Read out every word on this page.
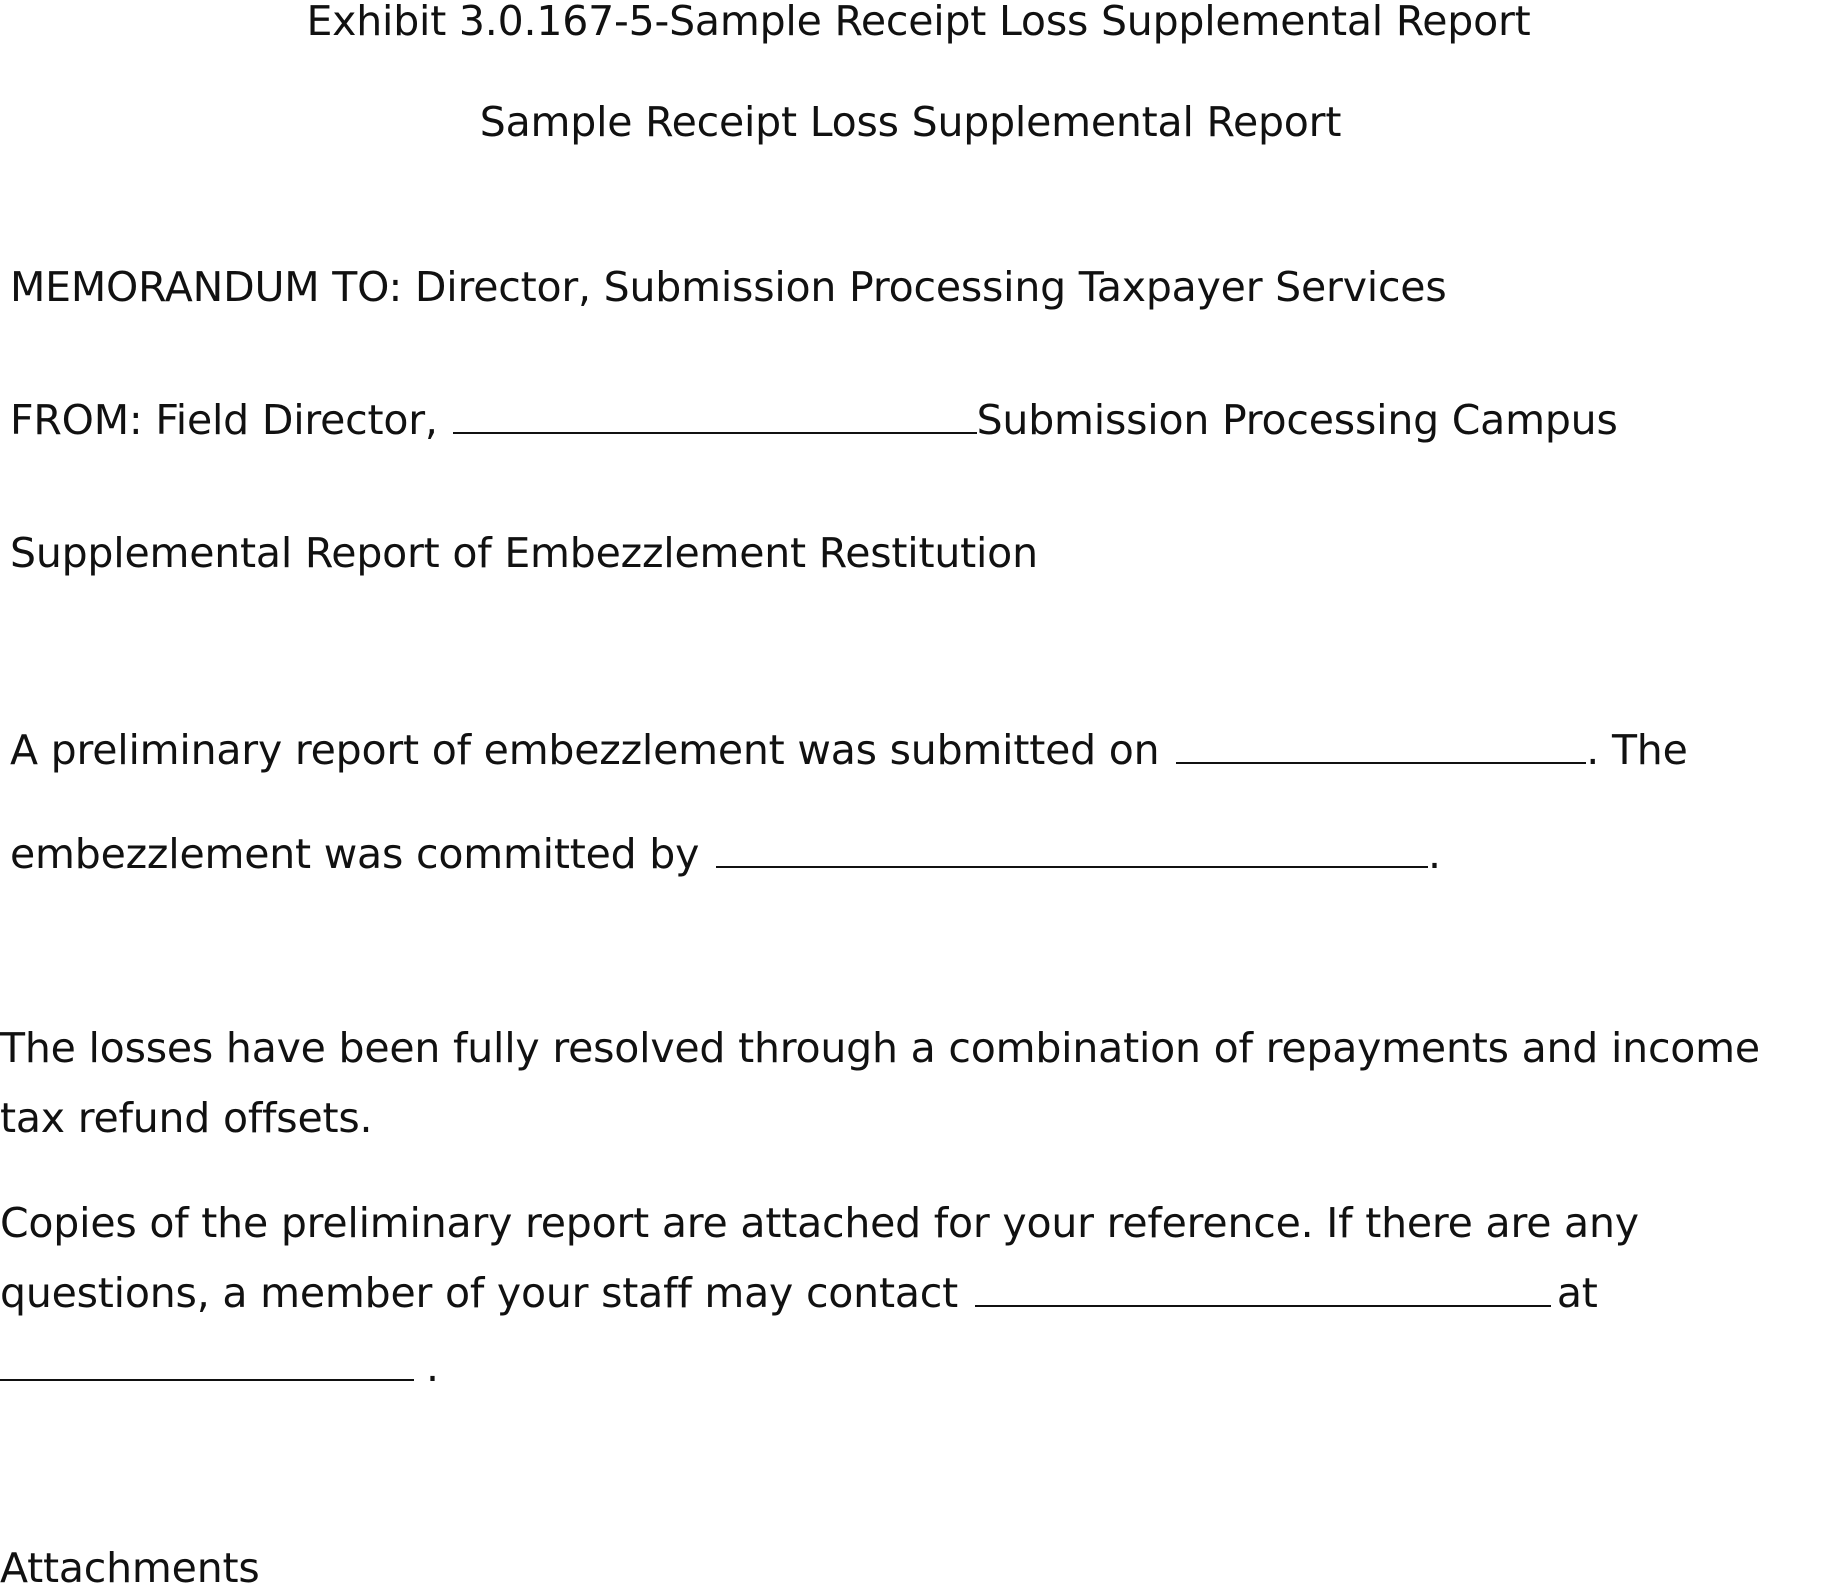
Exhibit 3.0.167-5-Sample Receipt Loss Supplemental Report
Sample Receipt Loss Supplemental Report
MEMORANDUM TO: Director, Submission Processing Taxpayer Services
FROM: Field Director,	Submission Processing Campus
Supplemental Report of Embezzlement Restitution
A preliminary report of embezzlement was submitted on	. The
embezzlement was committed by	.
The losses have been fully resolved through a combination of repayments and income
tax refund offsets.
Copies of the preliminary report are attached for your reference. If there are any
questions, a member of your staff may contact	at
.
Attachments
